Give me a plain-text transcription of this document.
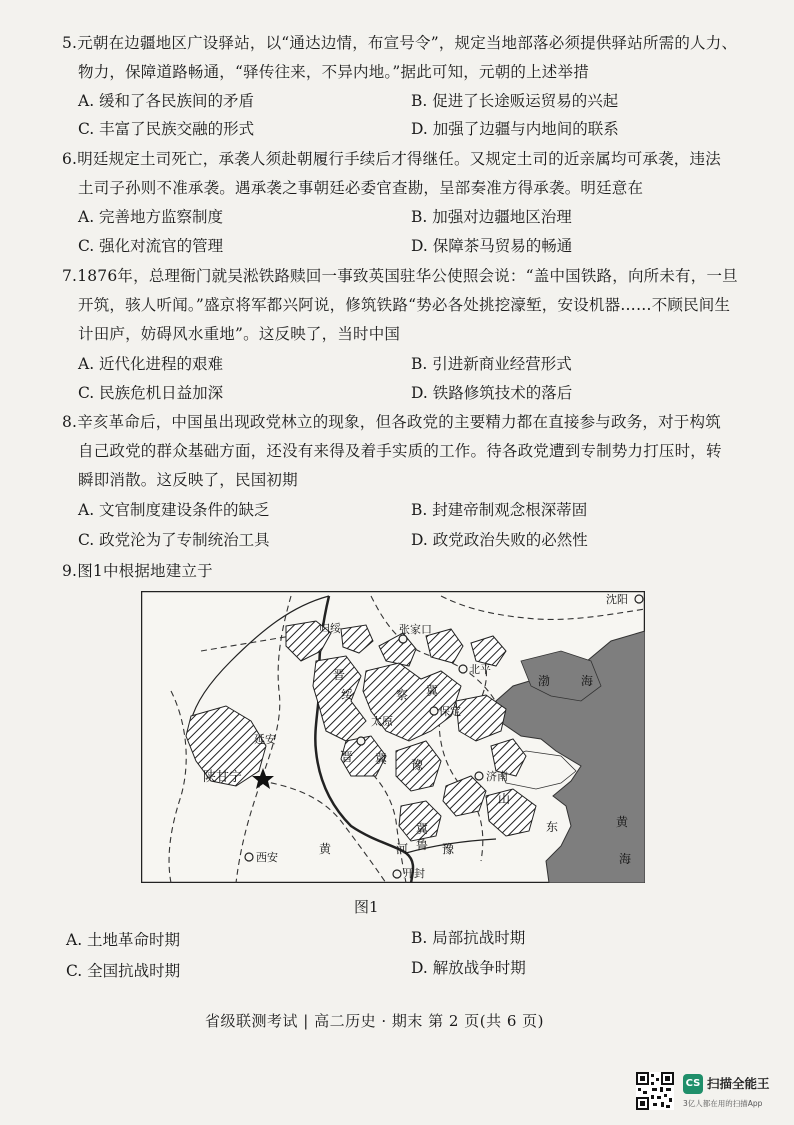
5.元朝在边疆地区广设驿站，以“通达边情，布宣号令”，规定当地部落必须提供驿站所需的人力、
物力，保障道路畅通，“驿传往来，不异内地。”据此可知，元朝的上述举措
A. 缓和了各民族间的矛盾	B. 促进了长途贩运贸易的兴起
C. 丰富了民族交融的形式	D. 加强了边疆与内地间的联系
6.明廷规定土司死亡，承袭人须赴朝履行手续后才得继任。又规定土司的近亲属均可承袭，违法
土司子孙则不准承袭。遇承袭之事朝廷必委官查勘，呈部奏准方得承袭。明廷意在
A. 完善地方监察制度	B. 加强对边疆地区治理
C. 强化对流官的管理	D. 保障茶马贸易的畅通
7.1876年，总理衙门就吴淞铁路赎回一事致英国驻华公使照会说：“盖中国铁路，向所未有，一旦
开筑，骇人听闻。”盛京将军都兴阿说，修筑铁路“势必各处挑挖濠堑，安设机器……不顾民间生
计田庐，妨碍风水重地”。这反映了，当时中国
A. 近代化进程的艰难	B. 引进新商业经营形式
C. 民族危机日益加深	D. 铁路修筑技术的落后
8.辛亥革命后，中国虽出现政党林立的现象，但各政党的主要精力都在直接参与政务，对于构筑
自己政党的群众基础方面，还没有来得及着手实质的工作。待各政党遭到专制势力打压时，转
瞬即消散。这反映了，民国初期
A. 文官制度建设条件的缺乏	B. 封建帝制观念根深蒂固
C. 政党沦为了专制统治工具	D. 政党政治失败的必然性
9.图1中根据地建立于
沈阳
归绥	张家口
北平
渤	海
绥
晋
察 冀
保定
太原
延安
陕甘宁
晋 冀 豫
济南
山
东	黄
海
冀
鲁 豫
西安
黄	河
开封
图1
A. 土地革命时期	B. 局部抗战时期
C. 全国抗战时期	D. 解放战争时期
省级联测考试 | 高二历史 · 期末 第 2 页(共 6 页)
CS 扫描全能王
3亿人都在用的扫描App
